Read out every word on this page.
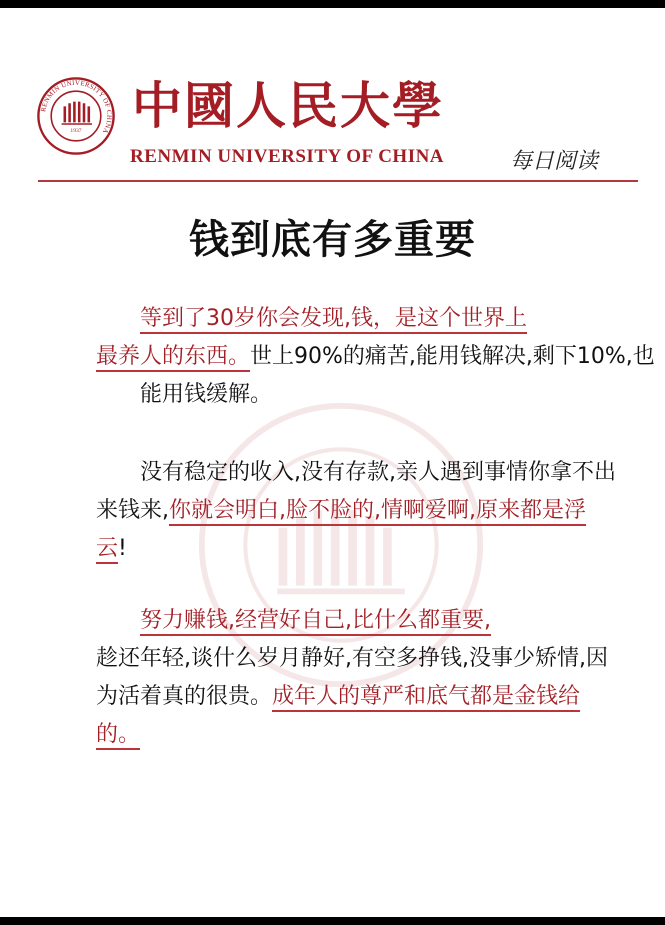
RENMIN UNIVERSITY OF CHINA
1937 中國人民大學
RENMIN UNIVERSITY OF CHINA	每日阅读
钱到底有多重要

等到了30岁你会发现,钱，是这个世界上
最养人的东西。世上90%的痛苦,能用钱解决,剩下10%,也能用钱缓解。

没有稳定的收入,没有存款,亲人遇到事情你拿不出来钱来,你就会明白,脸不脸的,情啊爱啊,原来都是浮云!

努力赚钱,经营好自己,比什么都重要,
趁还年轻,谈什么岁月静好,有空多挣钱,没事少矫情,因为活着真的很贵。成年人的尊严和底气都是金钱给的。
